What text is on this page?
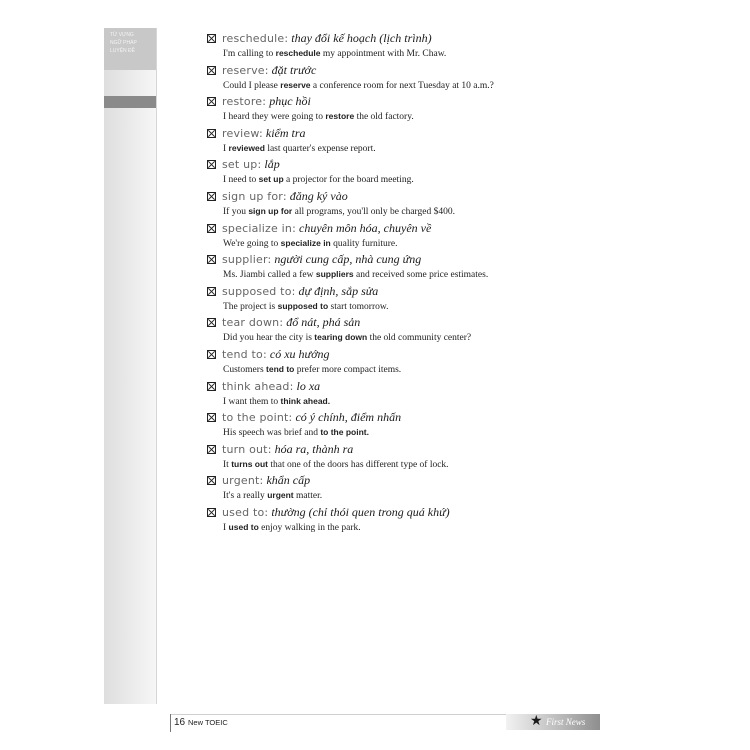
TỪ VỰNG
NGỮ PHÁP
LUYỆN ĐỀ
reschedule: thay đổi kế hoạch (lịch trình)
I'm calling to reschedule my appointment with Mr. Chaw.
reserve: đặt trước
Could I please reserve a conference room for next Tuesday at 10 a.m.?
restore: phục hồi
I heard they were going to restore the old factory.
review: kiểm tra
I reviewed last quarter's expense report.
set up: lắp
I need to set up a projector for the board meeting.
sign up for: đăng ký vào
If you sign up for all programs, you'll only be charged $400.
specialize in: chuyên môn hóa, chuyên về
We're going to specialize in quality furniture.
supplier: người cung cấp, nhà cung ứng
Ms. Jiambi called a few suppliers and received some price estimates.
supposed to: dự định, sắp sửa
The project is supposed to start tomorrow.
tear down: đổ nát, phá sản
Did you hear the city is tearing down the old community center?
tend to: có xu hướng
Customers tend to prefer more compact items.
think ahead: lo xa
I want them to think ahead.
to the point: có ý chính, điểm nhấn
His speech was brief and to the point.
turn out: hóa ra, thành ra
It turns out that one of the doors has different type of lock.
urgent: khẩn cấp
It's a really urgent matter.
used to: thường (chỉ thói quen trong quá khứ)
I used to enjoy walking in the park.
16 New TOEIC	★ First News
